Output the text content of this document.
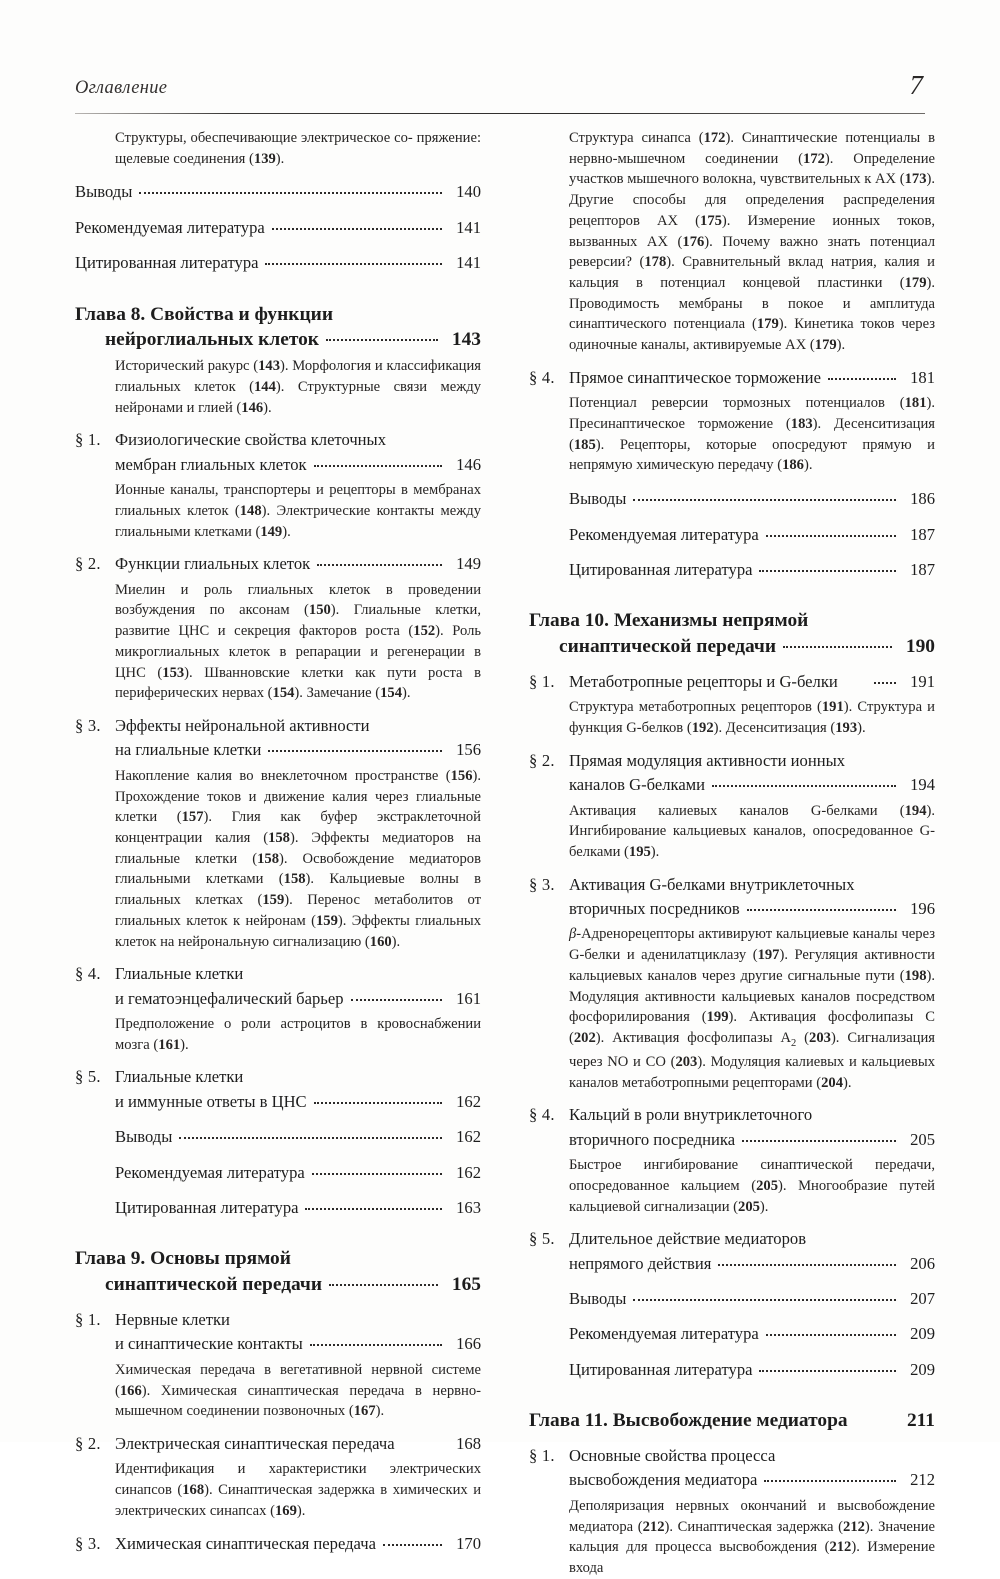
Оглавление	7
Структуры, обеспечивающие электрическое со- пряжение: щелевые соединения (139).
Выводы	140
Рекомендуемая литература	141
Цитированная литература	141
Глава 8. Свойства и функции
нейроглиальных клеток	143
Исторический ракурс (143). Морфология и классификация глиальных клеток (144). Структурные связи между нейронами и глией (146).
§ 1. Физиологические свойства клеточных
мембран глиальных клеток	146
Ионные каналы, транспортеры и рецепторы в мембранах глиальных клеток (148). Электрические контакты между глиальными клетками (149).
§ 2. Функции глиальных клеток	149
Миелин и роль глиальных клеток в проведении возбуждения по аксонам (150). Глиальные клетки, развитие ЦНС и секреция факторов роста (152). Роль микроглиальных клеток в репарации и регенерации в ЦНС (153). Шванновские клетки как пути роста в периферических нервах (154). Замечание (154).
§ 3. Эффекты нейрональной активности
на глиальные клетки	156
Накопление калия во внеклеточном пространстве (156). Прохождение токов и движение калия через глиальные клетки (157). Глия как буфер экстраклеточной концентрации калия (158). Эффекты медиаторов на глиальные клетки (158). Освобождение медиаторов глиальными клетками (158). Кальциевые волны в глиальных клетках (159). Перенос метаболитов от глиальных клеток к нейронам (159). Эффекты глиальных клеток на нейрональную сигнализацию (160).
§ 4. Глиальные клетки
и гематоэнцефалический барьер	161
Предположение о роли астроцитов в кровоснабжении мозга (161).
§ 5. Глиальные клетки
и иммунные ответы в ЦНС	162
Выводы	162
Рекомендуемая литература	162
Цитированная литература	163
Глава 9. Основы прямой
синаптической передачи	165
§ 1. Нервные клетки
и синаптические контакты	166
Химическая передача в вегетативной нервной системе (166). Химическая синаптическая передача в нервно-мышечном соединении позвоночных (167).
§ 2. Электрическая синаптическая передача	168
Идентификация и характеристики электрических синапсов (168). Синаптическая задержка в химических и электрических синапсах (169).
§ 3. Химическая синаптическая передача	170
Структура синапса (172). Синаптические потенциалы в нервно-мышечном соединении (172). Определение участков мышечного волокна, чувствительных к АХ (173). Другие способы для определения распределения рецепторов АХ (175). Измерение ионных токов, вызванных АХ (176). Почему важно знать потенциал реверсии? (178). Сравнительный вклад натрия, калия и кальция в потенциал концевой пластинки (179). Проводимость мембраны в покое и амплитуда синаптического потенциала (179). Кинетика токов через одиночные каналы, активируемые АХ (179).
§ 4. Прямое синаптическое торможение	181
Потенциал реверсии тормозных потенциалов (181). Пресинаптическое торможение (183). Десенситизация (185). Рецепторы, которые опосредуют прямую и непрямую химическую передачу (186).
Выводы	186
Рекомендуемая литература	187
Цитированная литература	187
Глава 10. Механизмы непрямой
синаптической передачи	190
§ 1. Метаботропные рецепторы и G-белки	191
Структура метаботропных рецепторов (191). Структура и функция G-белков (192). Десенситизация (193).
§ 2. Прямая модуляция активности ионных
каналов G-белками	194
Активация калиевых каналов G-белками (194). Ингибирование кальциевых каналов, опосредованное G-белками (195).
§ 3. Активация G-белками внутриклеточных
вторичных посредников	196
β-Адренорецепторы активируют кальциевые каналы через G-белки и аденилатциклазу (197). Регуляция активности кальциевых каналов через другие сигнальные пути (198). Модуляция активности кальциевых каналов посредством фосфорилирования (199). Активация фосфолипазы C (202). Активация фосфолипазы $A_2$ (203). Сигнализация через NO и CO (203). Модуляция калиевых и кальциевых каналов метаботропными рецепторами (204).
§ 4. Кальций в роли внутриклеточного
вторичного посредника	205
Быстрое ингибирование синаптической передачи, опосредованное кальцием (205). Многообразие путей кальциевой сигнализации (205).
§ 5. Длительное действие медиаторов
непрямого действия	206
Выводы	207
Рекомендуемая литература	209
Цитированная литература	209
Глава 11. Высвобождение медиатора	211
§ 1. Основные свойства процесса
высвобождения медиатора	212
Деполяризация нервных окончаний и высвобождение медиатора (212). Синаптическая задержка (212). Значение кальция для процесса высвобождения (212). Измерение входа
